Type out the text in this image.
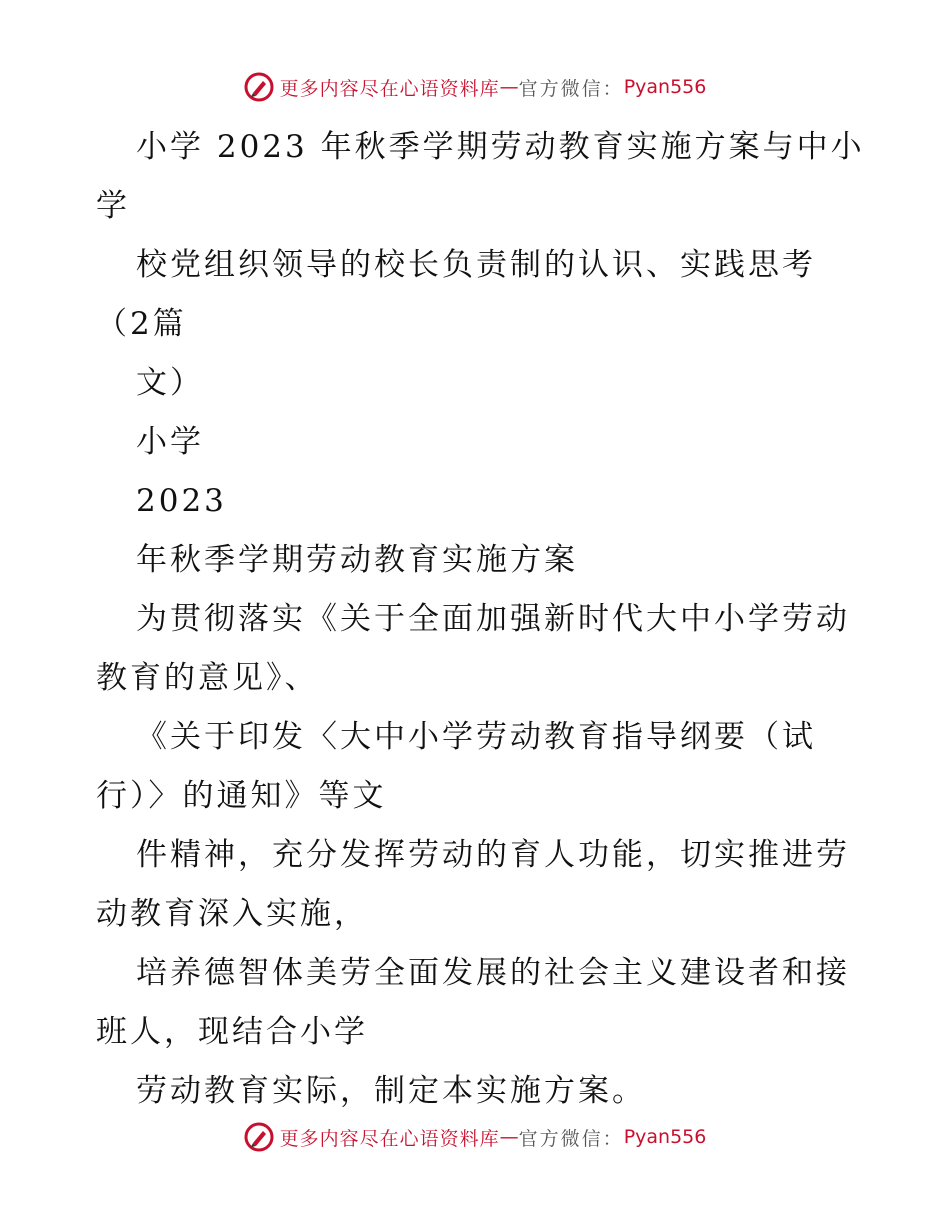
更多内容尽在心语资料库 — 官方微信： Pyan556
小学 2023 年秋季学期劳动教育实施方案与中小
学
校党组织领导的校长负责制的认识、实践思考
（2篇
文）
小学
2023
年秋季学期劳动教育实施方案
为贯彻落实《关于全面加强新时代大中小学劳动
教育的意见》、
《关于印发〈大中小学劳动教育指导纲要（试
行）〉的通知》等文
件精神，充分发挥劳动的育人功能，切实推进劳
动教育深入实施，
培养德智体美劳全面发展的社会主义建设者和接
班人，现结合小学
劳动教育实际，制定本实施方案。
更多内容尽在心语资料库 — 官方微信： Pyan556
